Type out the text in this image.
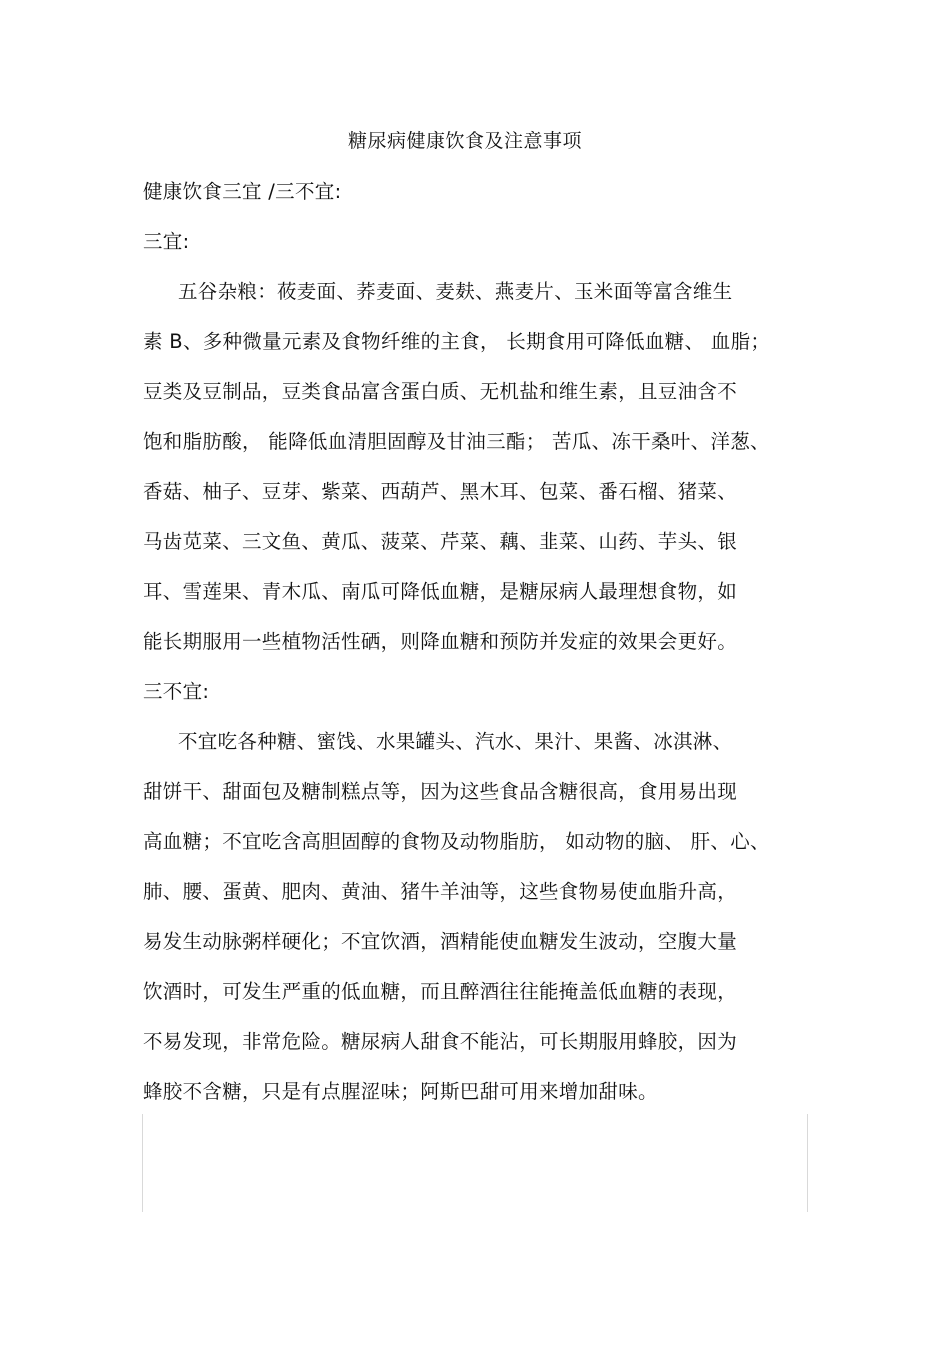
糖尿病健康饮食及注意事项
健康饮食三宜 /三不宜:
三宜:
五谷杂粮：莜麦面、荞麦面、麦麸、燕麦片、玉米面等富含维生
素 B、多种微量元素及食物纤维的主食， 长期食用可降低血糖、 血脂；
豆类及豆制品，豆类食品富含蛋白质、无机盐和维生素，且豆油含不
饱和脂肪酸， 能降低血清胆固醇及甘油三酯； 苦瓜、冻干桑叶、洋葱、
香菇、柚子、豆芽、紫菜、西葫芦、黑木耳、包菜、番石榴、猪菜、
马齿苋菜、三文鱼、黄瓜、菠菜、芹菜、藕、韭菜、山药、芋头、银
耳、雪莲果、青木瓜、南瓜可降低血糖，是糖尿病人最理想食物，如
能长期服用一些植物活性硒，则降血糖和预防并发症的效果会更好。
三不宜:
不宜吃各种糖、蜜饯、水果罐头、汽水、果汁、果酱、冰淇淋、
甜饼干、甜面包及糖制糕点等，因为这些食品含糖很高，食用易出现
高血糖；不宜吃含高胆固醇的食物及动物脂肪， 如动物的脑、 肝、心、
肺、腰、蛋黄、肥肉、黄油、猪牛羊油等，这些食物易使血脂升高，
易发生动脉粥样硬化；不宜饮酒，酒精能使血糖发生波动，空腹大量
饮酒时，可发生严重的低血糖，而且醉酒往往能掩盖低血糖的表现，
不易发现，非常危险。糖尿病人甜食不能沾，可长期服用蜂胶，因为
蜂胶不含糖，只是有点腥涩味；阿斯巴甜可用来增加甜味。
